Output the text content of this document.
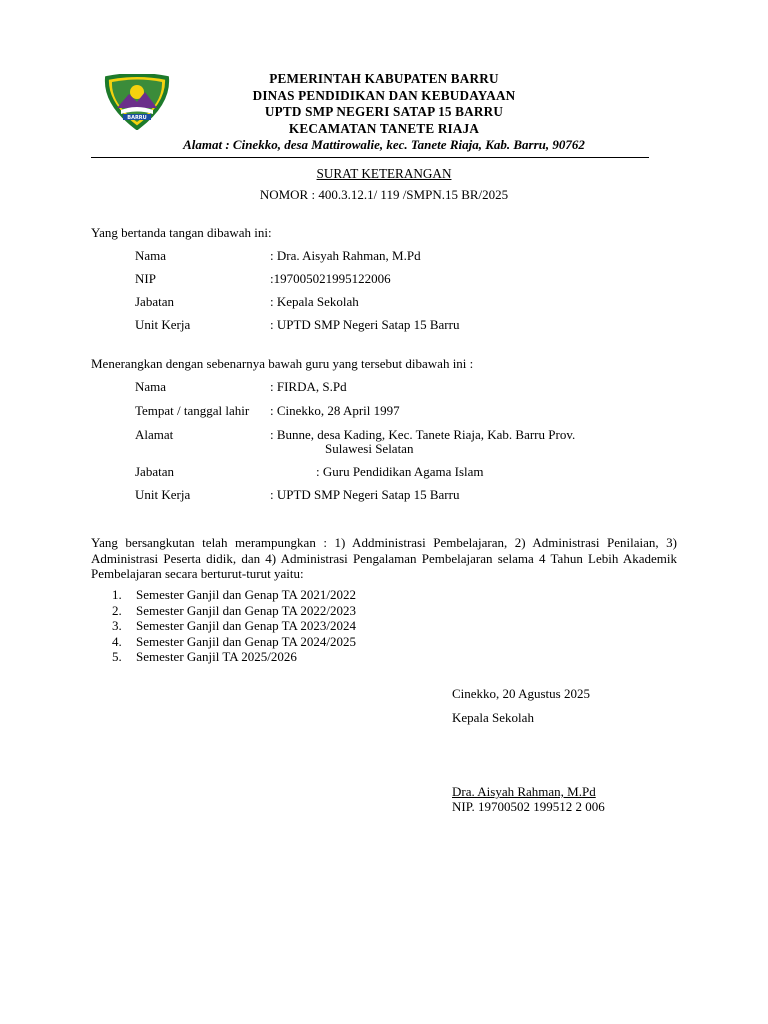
BARRU
PEMERINTAH KABUPATEN BARRU
DINAS PENDIDIKAN DAN KEBUDAYAAN
UPTD SMP NEGERI SATAP 15 BARRU
KECAMATAN TANETE RIAJA
Alamat : Cinekko, desa Mattirowalie, kec. Tanete Riaja, Kab. Barru, 90762
SURAT KETERANGAN
NOMOR : 400.3.12.1/ 119 /SMPN.15 BR/2025
Yang bertanda tangan dibawah ini:
Nama	: Dra. Aisyah Rahman, M.Pd
NIP	:197005021995122006
Jabatan	: Kepala Sekolah
Unit Kerja	: UPTD SMP Negeri Satap 15 Barru
Menerangkan dengan sebenarnya bawah guru yang tersebut dibawah ini :
Nama	: FIRDA, S.Pd
Tempat / tanggal lahir : Cinekko, 28 April 1997
Alamat	: Bunne, desa Kading, Kec. Tanete Riaja, Kab. Barru Prov.
Sulawesi Selatan
Jabatan	: Guru Pendidikan Agama Islam
Unit Kerja	: UPTD SMP Negeri Satap 15 Barru
Yang bersangkutan telah merampungkan : 1) Addministrasi Pembelajaran, 2) Administrasi Penilaian, 3) Administrasi Peserta didik, dan 4) Administrasi Pengalaman Pembelajaran selama 4 Tahun Lebih Akademik Pembelajaran secara berturut-turut yaitu:
1. Semester Ganjil dan Genap TA 2021/2022
2. Semester Ganjil dan Genap TA 2022/2023
3. Semester Ganjil dan Genap TA 2023/2024
4. Semester Ganjil dan Genap TA 2024/2025
5. Semester Ganjil TA 2025/2026
Cinekko, 20 Agustus 2025
Kepala Sekolah
Dra. Aisyah Rahman, M.Pd
NIP. 19700502 199512 2 006
